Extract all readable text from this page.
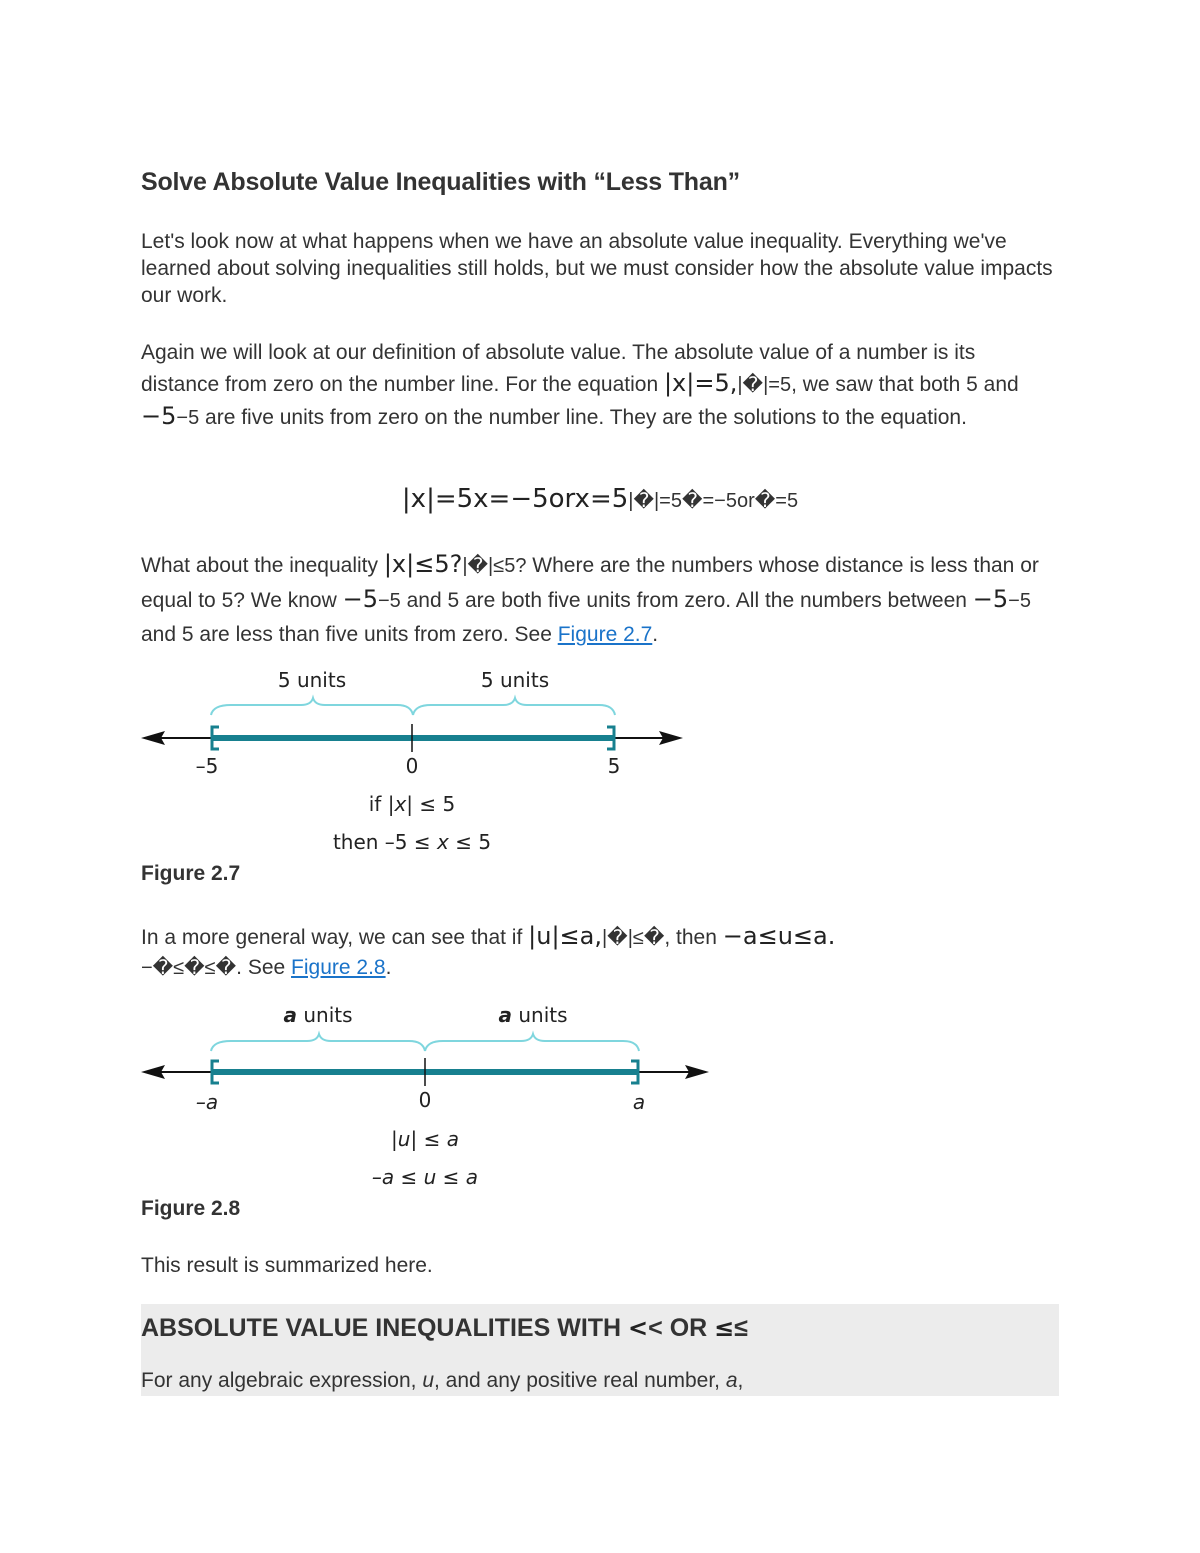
Solve Absolute Value Inequalities with “Less Than”
Let's look now at what happens when we have an absolute value inequality. Everything we've learned about solving inequalities still holds, but we must consider how the absolute value impacts our work.
Again we will look at our definition of absolute value. The absolute value of a number is its distance from zero on the number line. For the equation |x|=5,|�|=5, we saw that both 5 and −5−5 are five units from zero on the number line. They are the solutions to the equation.
|x|=5x=−5orx=5|�|=5�=−5or�=5
What about the inequality |x|≤5?|�|≤5? Where are the numbers whose distance is less than or equal to 5? We know −5−5 and 5 are both five units from zero. All the numbers between −5−5 and 5 are less than five units from zero. See Figure 2.7.
Figure 2.7
In a more general way, we can see that if |u|≤a,|�|≤�, then −a≤u≤a.
−�≤�≤�. See Figure 2.8.
Figure 2.8
This result is summarized here.
5 units	5 units
–5	0	5
if |x| ≤ 5
then –5 ≤ x ≤ 5
a units	a units
–a	0	a
|u| ≤ a
–a ≤ u ≤ a
ABSOLUTE VALUE INEQUALITIES WITH << OR ≤≤
For any algebraic expression, u, and any positive real number, a,
